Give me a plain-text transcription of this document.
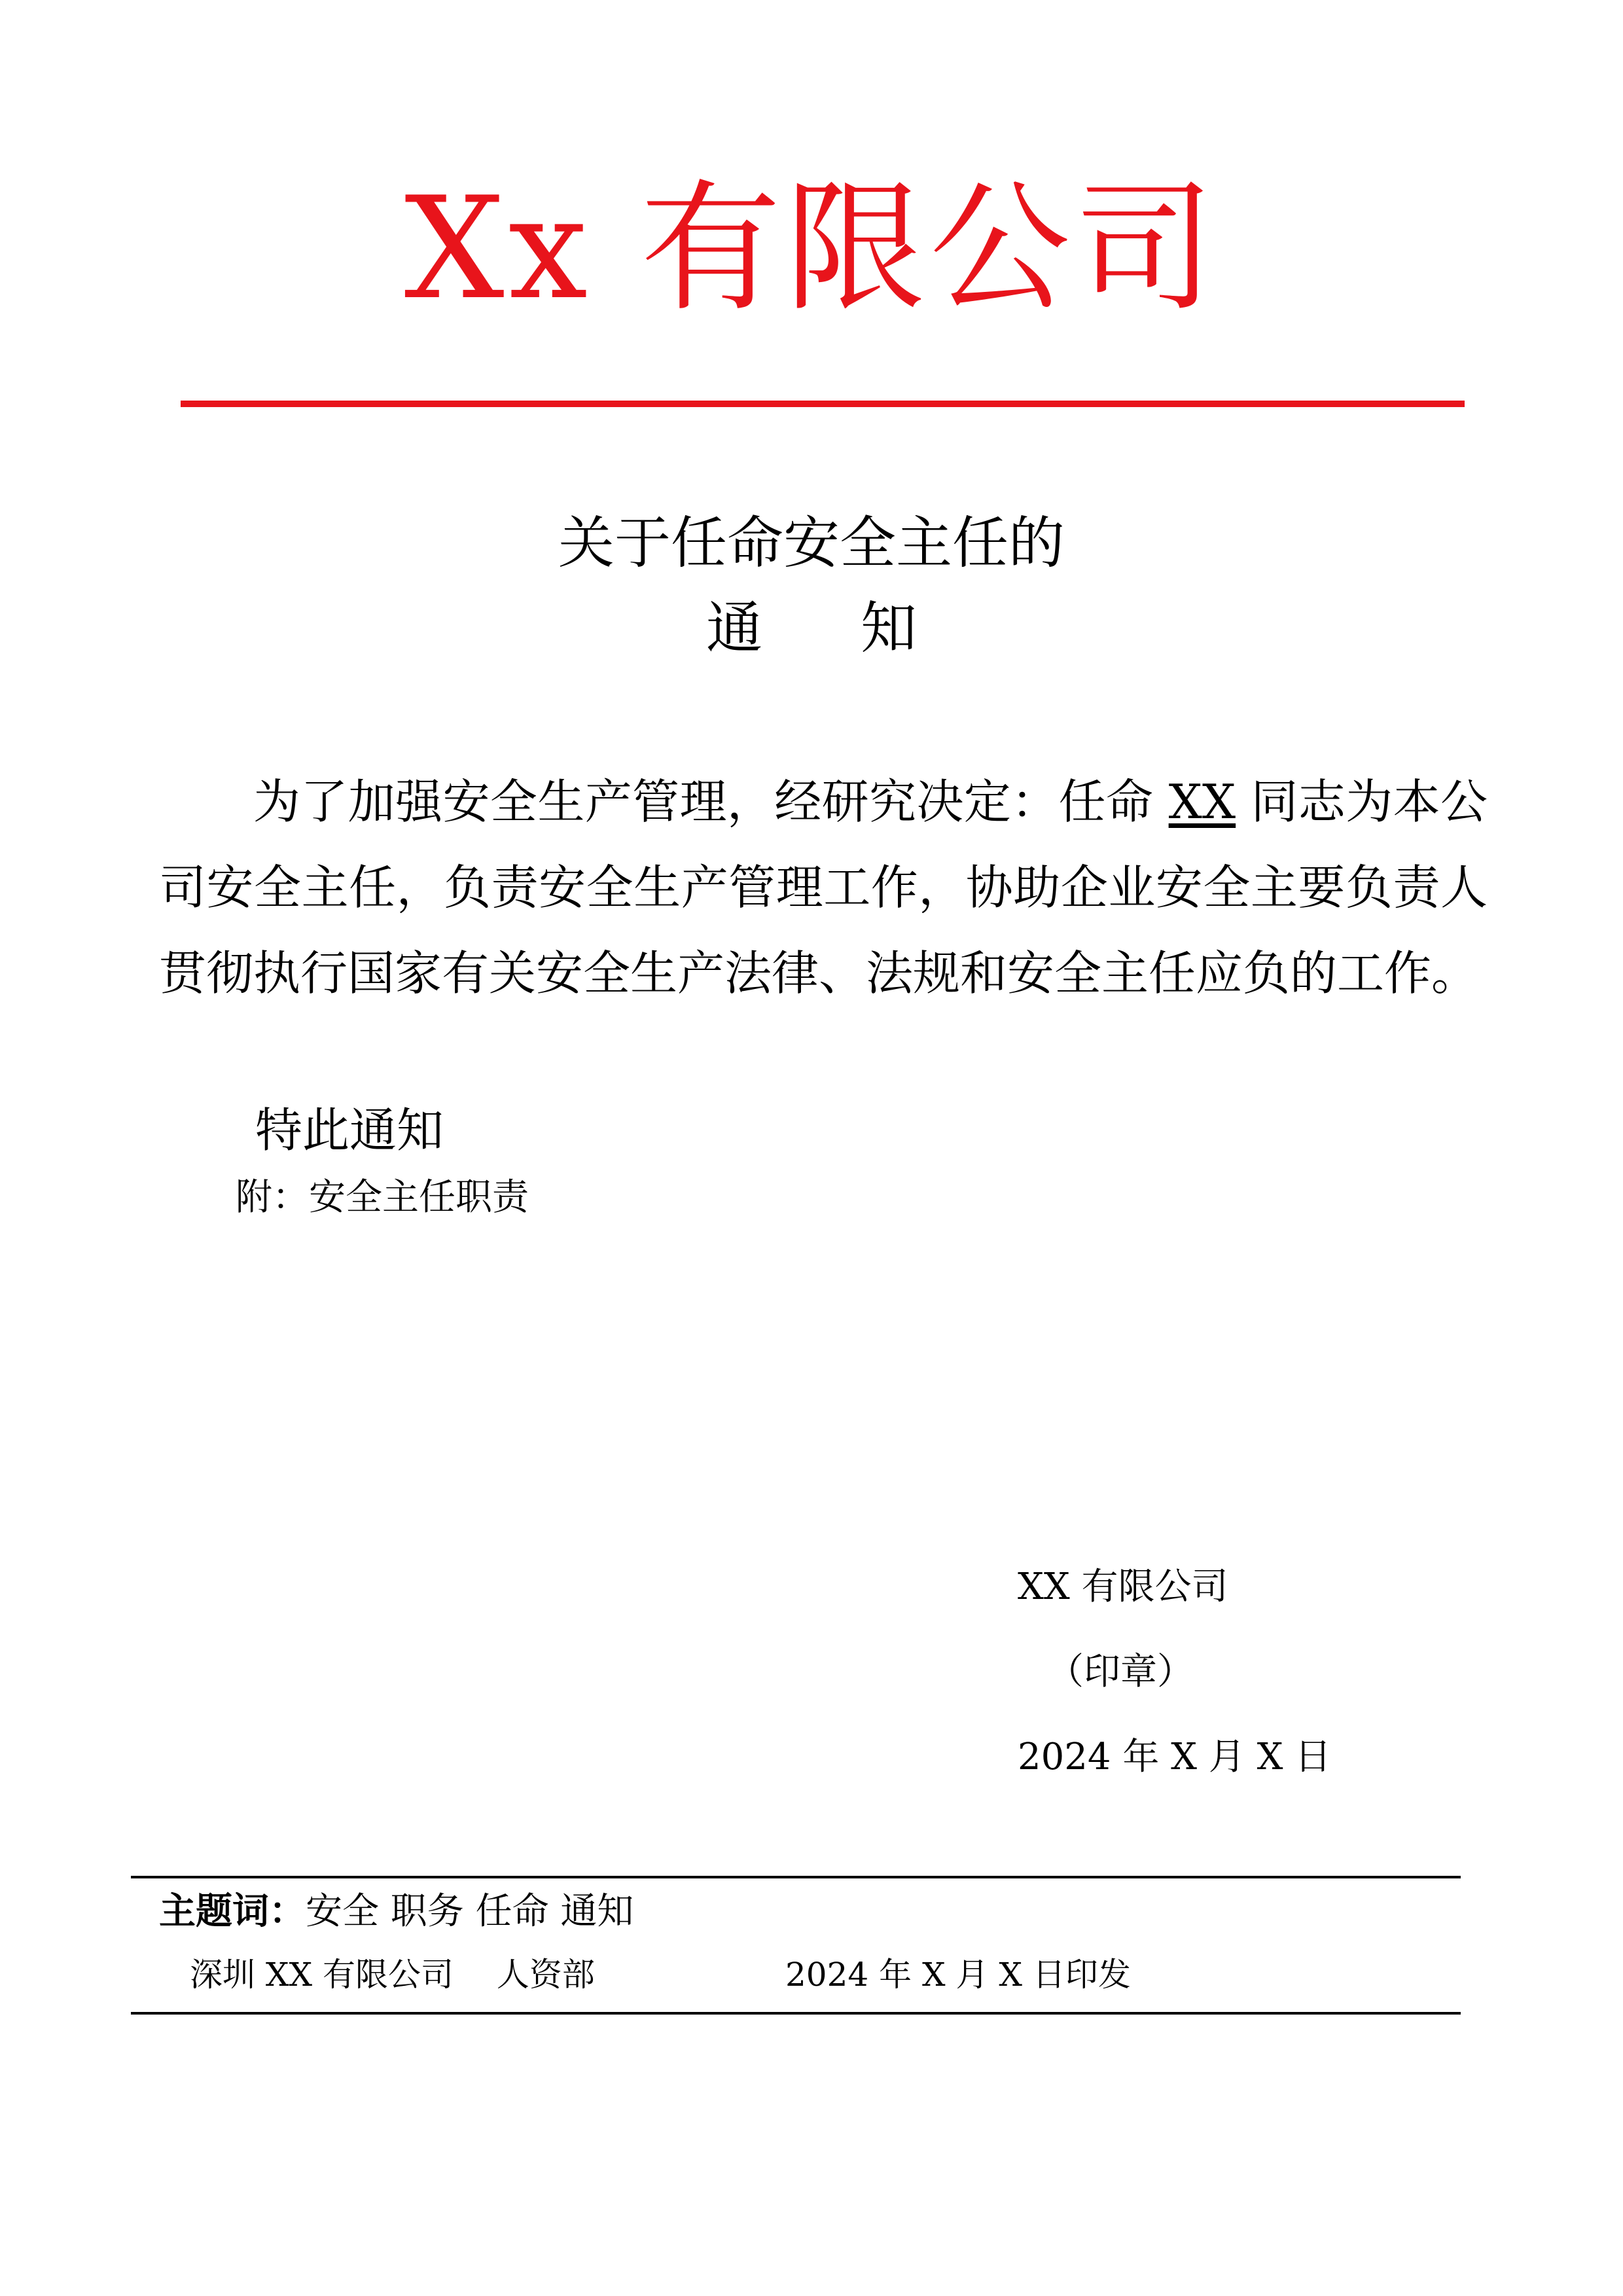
Xx 有限公司
关于任命安全主任的
通 知
为了加强安全生产管理，经研究决定：任命 XX 同志为本公司安全主任，负责安全生产管理工作，协助企业安全主要负责人贯彻执行国家有关安全生产法律、法规和安全主任应负的工作。
特此通知
附：安全主任职责
XX 有限公司
（印章）
2024 年 X 月 X 日
主题词：安全 职务 任命 通知
深圳 XX 有限公司　 人资部	2024 年 X 月 X 日印发
